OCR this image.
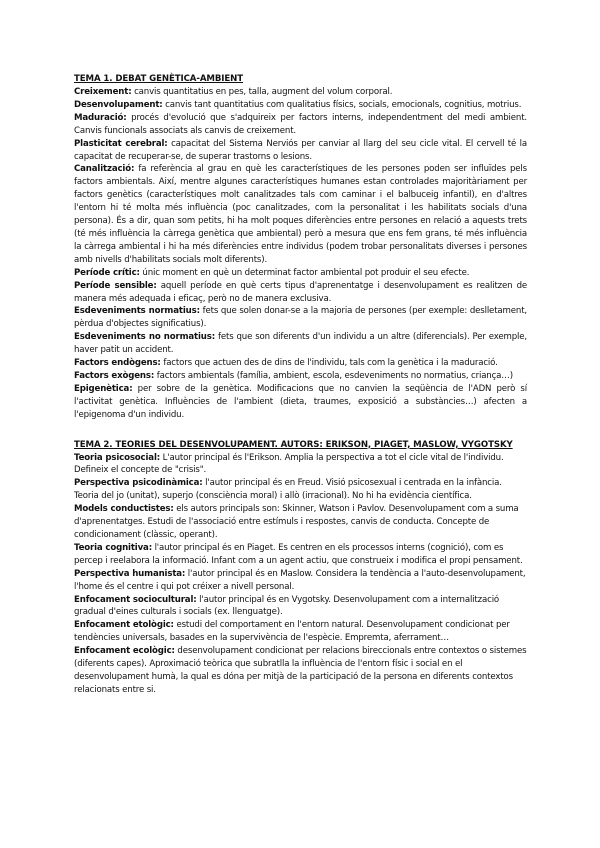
TEMA 1. DEBAT GENÈTICA-AMBIENT

Creixement: canvis quantitatius en pes, talla, augment del volum corporal.

Desenvolupament: canvis tant quantitatius com qualitatius físics, socials, emocionals, cognitius, motrius.

Maduració: procés d'evolució que s'adquireix per factors interns, independentment del medi ambient. Canvis funcionals associats als canvis de creixement.

Plasticitat cerebral: capacitat del Sistema Nerviós per canviar al llarg del seu cicle vital. El cervell té la capacitat de recuperar-se, de superar trastorns o lesions.

Canalització: fa referència al grau en què les característiques de les persones poden ser influïdes pels factors ambientals. Així, mentre algunes característiques humanes estan controlades majoritàriament per factors genètics (característiques molt canalitzades tals com caminar i el balbuceig infantil), en d'altres l'entorn hi té molta més influència (poc canalitzades, com la personalitat i les habilitats socials d'una persona). És a dir, quan som petits, hi ha molt poques diferències entre persones en relació a aquests trets (té més influència la càrrega genètica que ambiental) però a mesura que ens fem grans, té més influència la càrrega ambiental i hi ha més diferències entre individus (podem trobar personalitats diverses i persones amb nivells d'habilitats socials molt diferents).

Període crític: únic moment en què un determinat factor ambiental pot produir el seu efecte.

Període sensible: aquell període en què certs tipus d'aprenentatge i desenvolupament es realitzen de manera més adequada i eficaç, però no de manera exclusiva.

Esdeveniments normatius: fets que solen donar-se a la majoria de persones (per exemple: deslletament, pèrdua d'objectes significatius).

Esdeveniments no normatius: fets que son diferents d'un individu a un altre (diferencials). Per exemple, haver patit un accident.

Factors endògens: factors que actuen des de dins de l'individu, tals com la genètica i la maduració.

Factors exògens: factors ambientals (família, ambient, escola, esdeveniments no normatius, criança…)

Epigenètica: per sobre de la genètica. Modificacions que no canvien la seqüència de l'ADN però sí l'activitat genètica. Influències de l'ambient (dieta, traumes, exposició a substàncies…) afecten a l'epigenoma d'un individu.

TEMA 2. TEORIES DEL DESENVOLUPAMENT. AUTORS: ERIKSON, PIAGET, MASLOW, VYGOTSKY

Teoria psicosocial: L'autor principal és l'Erikson. Amplia la perspectiva a tot el cicle vital de l'individu. Defineix el concepte de "crisis".

Perspectiva psicodinàmica: l'autor principal és en Freud. Visió psicosexual i centrada en la infància. Teoria del jo (unitat), superjo (consciència moral) i allò (irracional). No hi ha evidència científica.

Models conductistes: els autors principals son: Skinner, Watson i Pavlov. Desenvolupament com a suma d'aprenentatges. Estudi de l'associació entre estímuls i respostes, canvis de conducta. Concepte de condicionament (clàssic, operant).

Teoria cognitiva: l'autor principal és en Piaget. Es centren en els processos interns (cognició), com es percep i reelabora la informació. Infant com a un agent actiu, que construeix i modifica el propi pensament.

Perspectiva humanista: l'autor principal és en Maslow. Considera la tendència a l'auto-desenvolupament, l'home és el centre i qui pot créixer a nivell personal.

Enfocament sociocultural: l'autor principal és en Vygotsky. Desenvolupament com a internalització gradual d'eines culturals i socials (ex. llenguatge).

Enfocament etològic: estudi del comportament en l'entorn natural. Desenvolupament condicionat per tendències universals, basades en la supervivència de l'espècie. Empremta, aferrament…

Enfocament ecològic: desenvolupament condicionat per relacions bireccionals entre contextos o sistemes (diferents capes). Aproximació teòrica que subratlla la influència de l'entorn físic i social en el desenvolupament humà, la qual es dóna per mitjà de la participació de la persona en diferents contextos relacionats entre si.
